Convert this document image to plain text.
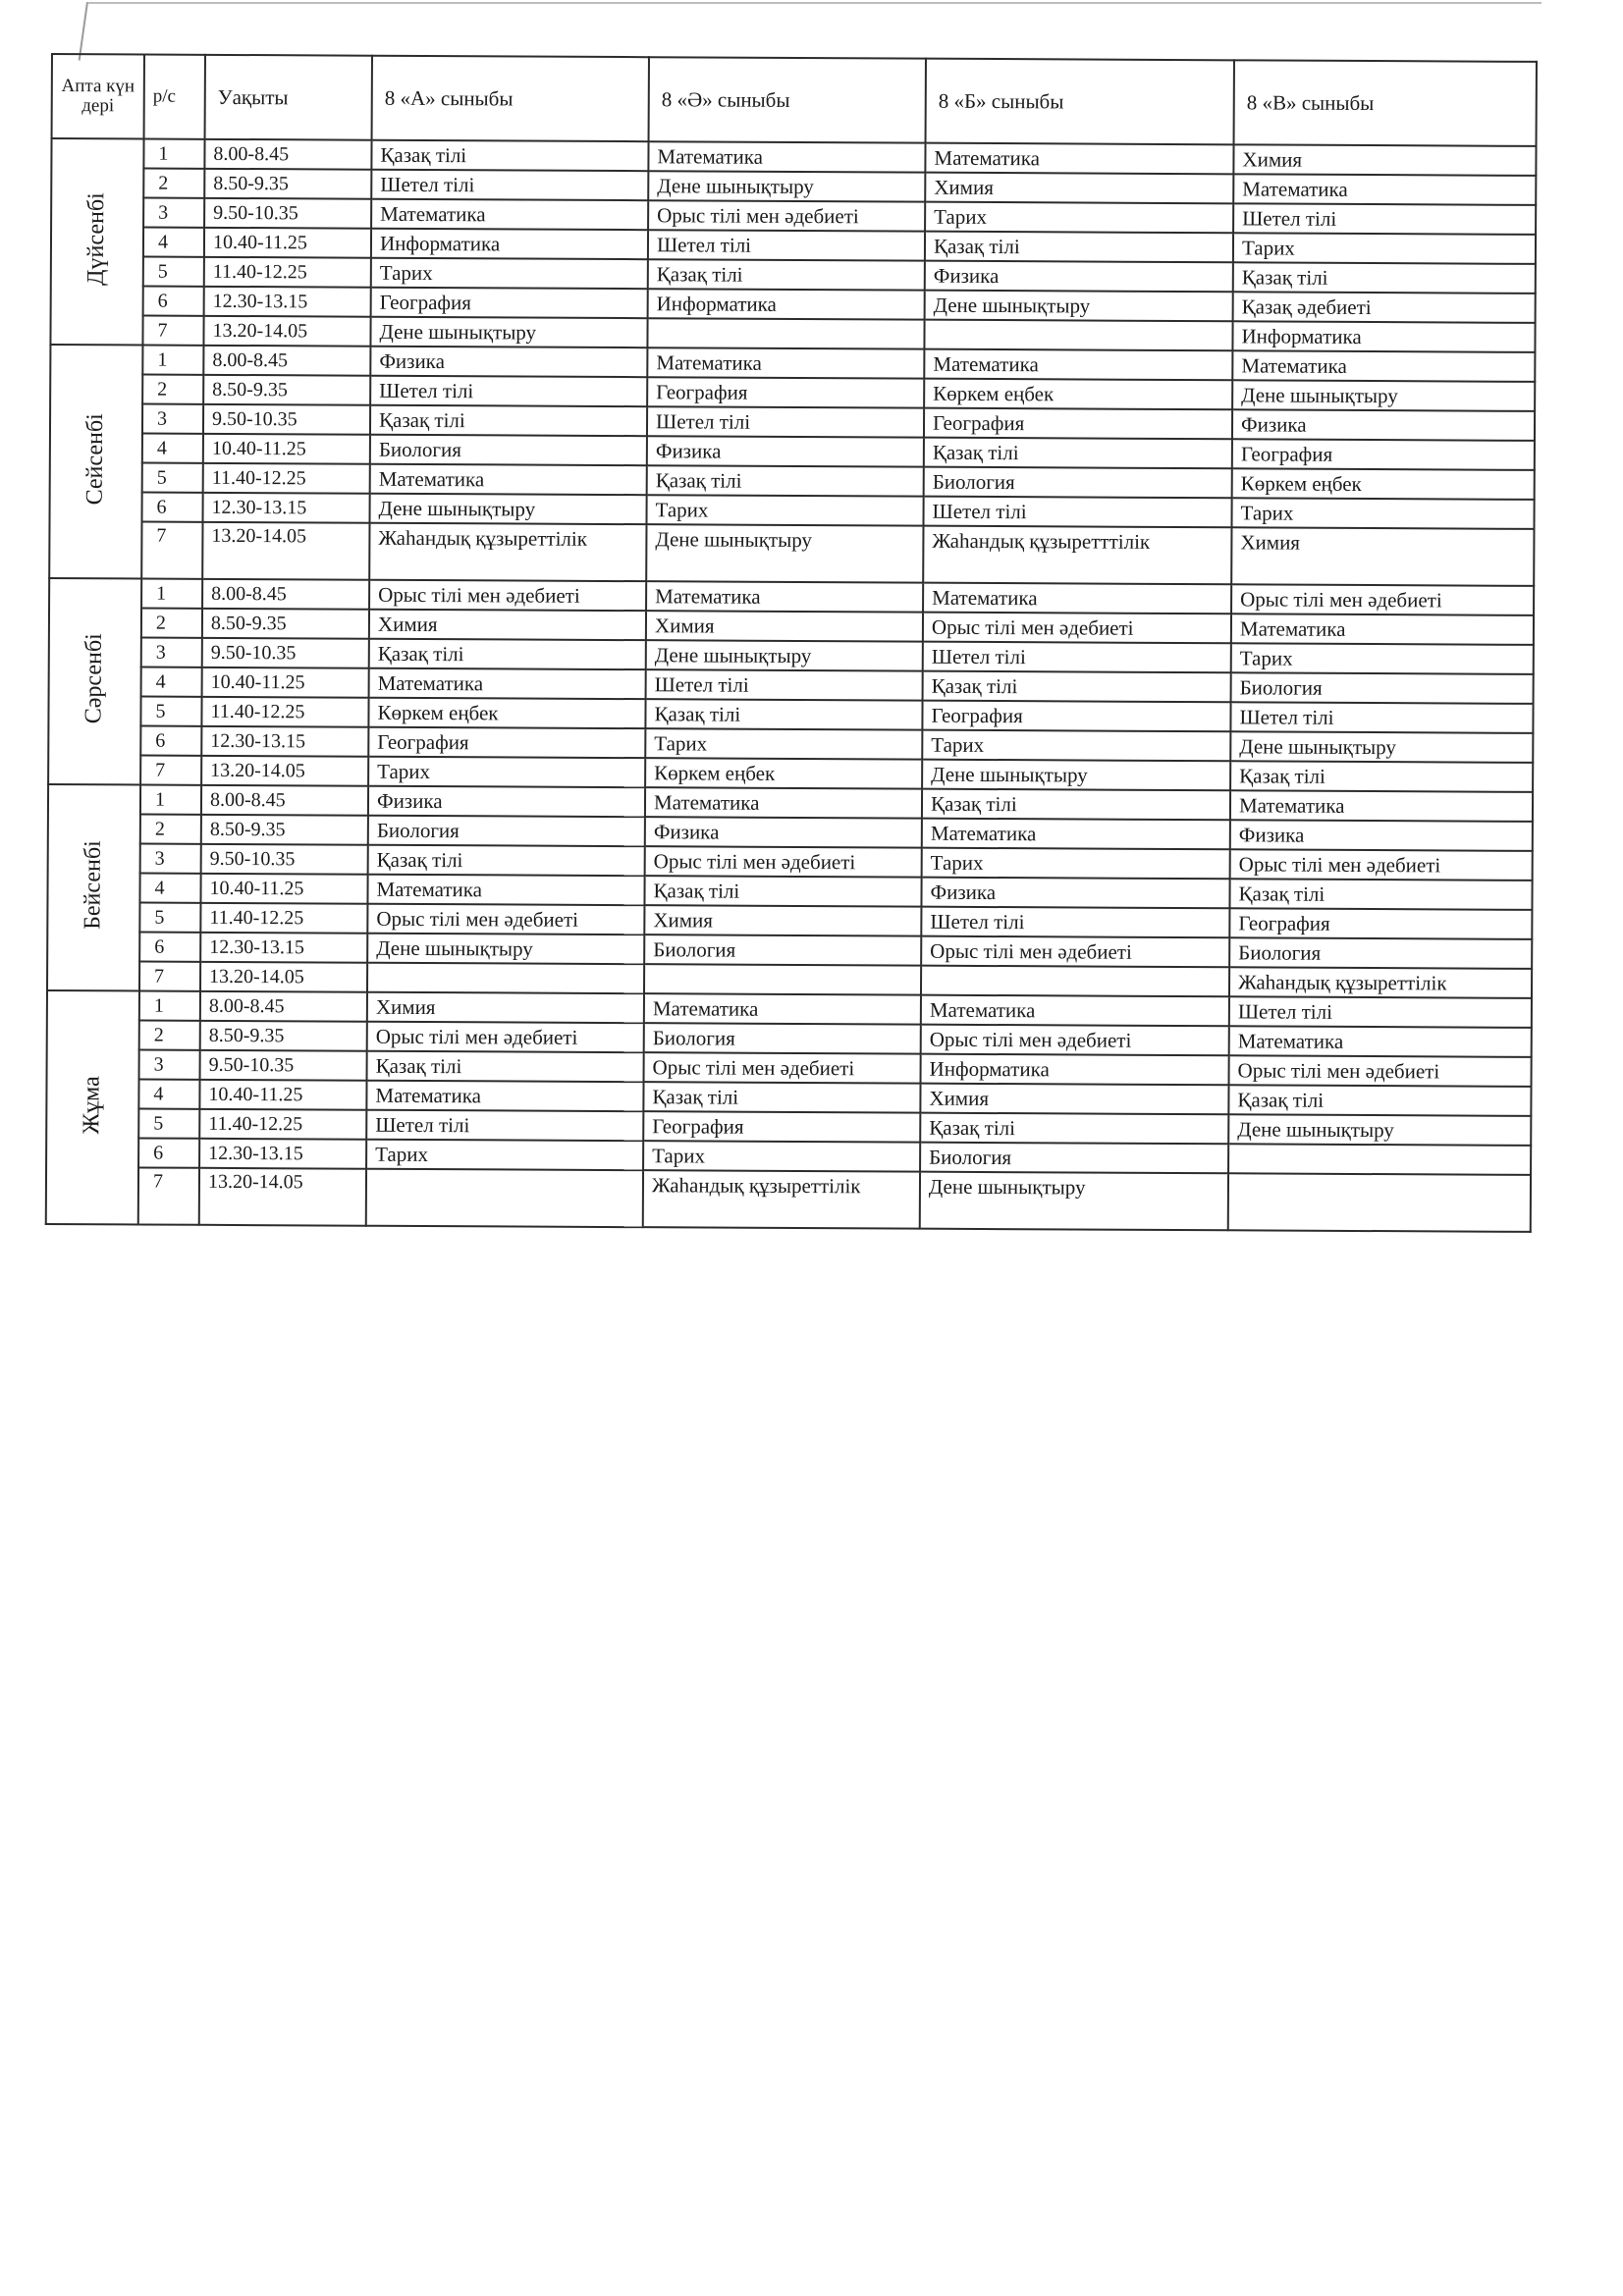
Апта күн дері	р/с	Уақыты	8 «А» сыныбы	8 «Ә» сыныбы	8 «Б» сыныбы	8 «В» сыныбы
Дүйсенбі	1	8.00-8.45	Қазақ тілі	Математика	Математика	Химия
	2	8.50-9.35	Шетел тілі	Дене шынықтыру	Химия	Математика
	3	9.50-10.35	Математика	Орыс тілі мен әдебиеті	Тарих	Шетел тілі
	4	10.40-11.25	Информатика	Шетел тілі	Қазақ тілі	Тарих
	5	11.40-12.25	Тарих	Қазақ тілі	Физика	Қазақ тілі
	6	12.30-13.15	География	Информатика	Дене шынықтыру	Қазақ әдебиеті
	7	13.20-14.05	Дене шынықтыру			Информатика
Сейсенбі	1	8.00-8.45	Физика	Математика	Математика	Математика
	2	8.50-9.35	Шетел тілі	География	Көркем еңбек	Дене шынықтыру
	3	9.50-10.35	Қазақ тілі	Шетел тілі	География	Физика
	4	10.40-11.25	Биология	Физика	Қазақ тілі	География
	5	11.40-12.25	Математика	Қазақ тілі	Биология	Көркем еңбек
	6	12.30-13.15	Дене шынықтыру	Тарих	Шетел тілі	Тарих
	7	13.20-14.05	Жаһандық құзыреттілік	Дене шынықтыру	Жаһандық құзыретттілік	Химия
Сәрсенбі	1	8.00-8.45	Орыс тілі мен әдебиеті	Математика	Математика	Орыс тілі мен әдебиеті
	2	8.50-9.35	Химия	Химия	Орыс тілі мен әдебиеті	Математика
	3	9.50-10.35	Қазақ тілі	Дене шынықтыру	Шетел тілі	Тарих
	4	10.40-11.25	Математика	Шетел тілі	Қазақ тілі	Биология
	5	11.40-12.25	Көркем еңбек	Қазақ тілі	География	Шетел тілі
	6	12.30-13.15	География	Тарих	Тарих	Дене шынықтыру
	7	13.20-14.05	Тарих	Көркем еңбек	Дене шынықтыру	Қазақ тілі
Бейсенбі	1	8.00-8.45	Физика	Математика	Қазақ тілі	Математика
	2	8.50-9.35	Биология	Физика	Математика	Физика
	3	9.50-10.35	Қазақ тілі	Орыс тілі мен әдебиеті	Тарих	Орыс тілі мен әдебиеті
	4	10.40-11.25	Математика	Қазақ тілі	Физика	Қазақ тілі
	5	11.40-12.25	Орыс тілі мен әдебиеті	Химия	Шетел тілі	География
	6	12.30-13.15	Дене шынықтыру	Биология	Орыс тілі мен әдебиеті	Биология
	7	13.20-14.05				Жаһандық құзыреттілік
Жұма	1	8.00-8.45	Химия	Математика	Математика	Шетел тілі
	2	8.50-9.35	Орыс тілі мен әдебиеті	Биология	Орыс тілі мен әдебиеті	Математика
	3	9.50-10.35	Қазақ тілі	Орыс тілі мен әдебиеті	Информатика	Орыс тілі мен әдебиеті
	4	10.40-11.25	Математика	Қазақ тілі	Химия	Қазақ тілі
	5	11.40-12.25	Шетел тілі	География	Қазақ тілі	Дене шынықтыру
	6	12.30-13.15	Тарих	Тарих	Биология	
	7	13.20-14.05		Жаһандық құзыреттілік	Дене шынықтыру	
